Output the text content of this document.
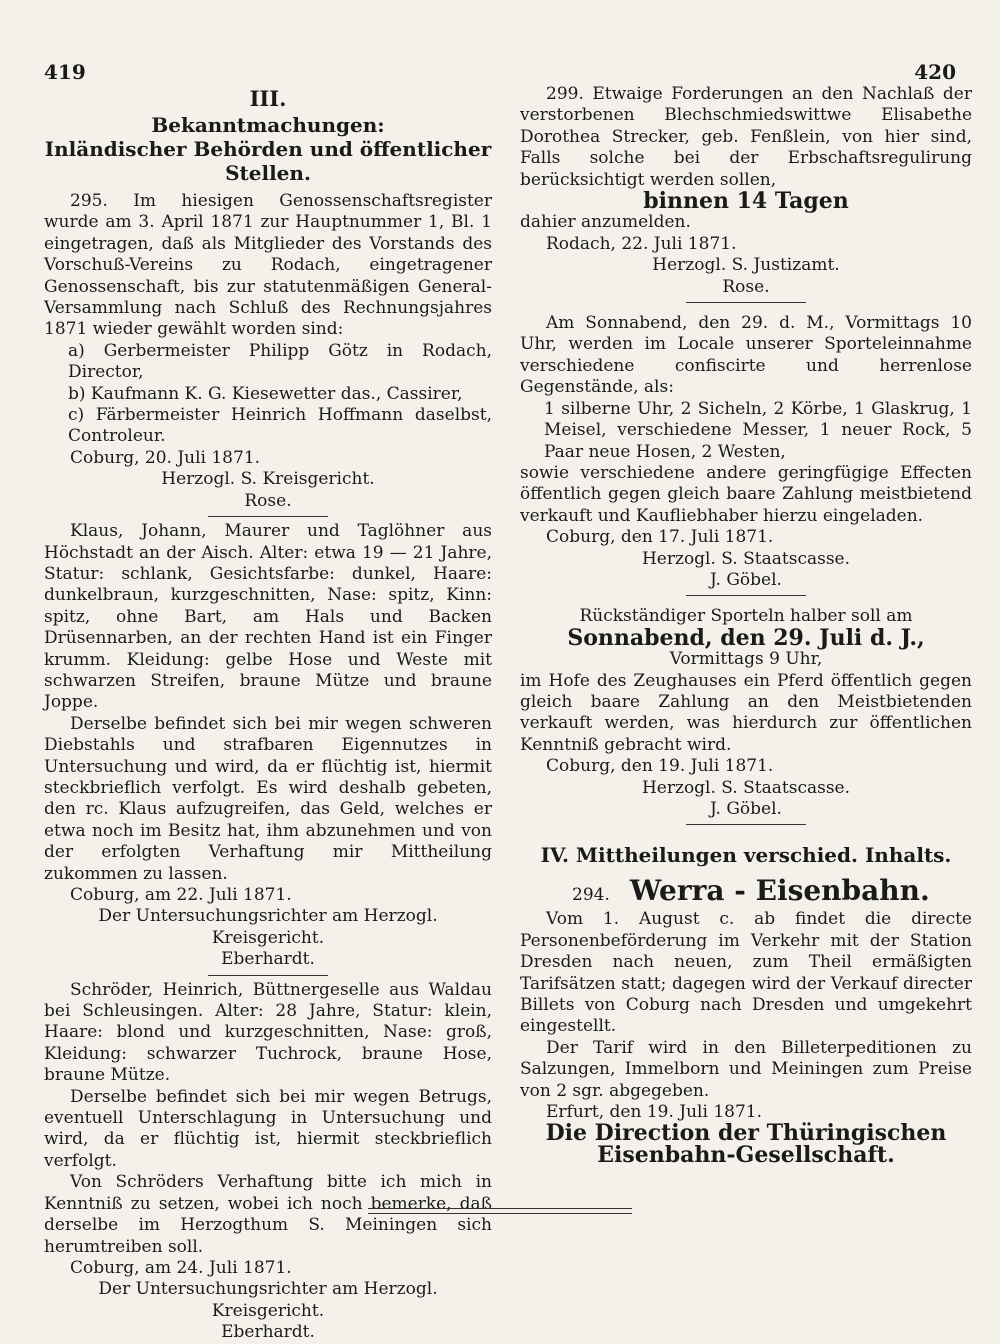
419	420
III.
Bekanntmachungen:
Inländischer Behörden und öffentlicher Stellen.

295. Im hiesigen Genossenschaftsregister wurde am 3. April 1871 zur Hauptnummer 1, Bl. 1 eingetragen, daß als Mitglieder des Vorstands des Vorschuß-Vereins zu Rodach, eingetragener Genossenschaft, bis zur statutenmäßigen General-Versammlung nach Schluß des Rechnungsjahres 1871 wieder gewählt worden sind:

a) Gerbermeister Philipp Götz in Rodach, Director,

b) Kaufmann K. G. Kiesewetter das., Cassirer,

c) Färbermeister Heinrich Hoffmann daselbst, Controleur.

Coburg, 20. Juli 1871.

Herzogl. S. Kreisgericht.

Rose.

Klaus, Johann, Maurer und Taglöhner aus Höchstadt an der Aisch. Alter: etwa 19 — 21 Jahre, Statur: schlank, Gesichtsfarbe: dunkel, Haare: dunkelbraun, kurzgeschnitten, Nase: spitz, Kinn: spitz, ohne Bart, am Hals und Backen Drüsennarben, an der rechten Hand ist ein Finger krumm. Kleidung: gelbe Hose und Weste mit schwarzen Streifen, braune Mütze und braune Joppe.

Derselbe befindet sich bei mir wegen schweren Diebstahls und strafbaren Eigennutzes in Untersuchung und wird, da er flüchtig ist, hiermit steckbrieflich verfolgt. Es wird deshalb gebeten, den rc. Klaus aufzugreifen, das Geld, welches er etwa noch im Besitz hat, ihm abzunehmen und von der erfolgten Verhaftung mir Mittheilung zukommen zu lassen.

Coburg, am 22. Juli 1871.

Der Untersuchungsrichter am Herzogl. Kreisgericht.

Eberhardt.

Schröder, Heinrich, Büttnergeselle aus Waldau bei Schleusingen. Alter: 28 Jahre, Statur: klein, Haare: blond und kurzgeschnitten, Nase: groß, Kleidung: schwarzer Tuchrock, braune Hose, braune Mütze.

Derselbe befindet sich bei mir wegen Betrugs, eventuell Unterschlagung in Untersuchung und wird, da er flüchtig ist, hiermit steckbrieflich verfolgt.

Von Schröders Verhaftung bitte ich mich in Kenntniß zu setzen, wobei ich noch bemerke, daß derselbe im Herzogthum S. Meiningen sich herumtreiben soll.

Coburg, am 24. Juli 1871.

Der Untersuchungsrichter am Herzogl. Kreisgericht.

Eberhardt.

299. Etwaige Forderungen an den Nachlaß der verstorbenen Blechschmiedswittwe Elisabethe Dorothea Strecker, geb. Fenßlein, von hier sind, Falls solche bei der Erbschaftsregulirung berücksichtigt werden sollen,

binnen 14 Tagen

dahier anzumelden.

Rodach, 22. Juli 1871.

Herzogl. S. Justizamt.

Rose.

Am Sonnabend, den 29. d. M., Vormittags 10 Uhr, werden im Locale unserer Sporteleinnahme verschiedene confiscirte und herrenlose Gegenstände, als:

1 silberne Uhr, 2 Sicheln, 2 Körbe, 1 Glaskrug, 1 Meisel, verschiedene Messer, 1 neuer Rock, 5 Paar neue Hosen, 2 Westen,

sowie verschiedene andere geringfügige Effecten öffentlich gegen gleich baare Zahlung meistbietend verkauft und Kaufliebhaber hierzu eingeladen.

Coburg, den 17. Juli 1871.

Herzogl. S. Staatscasse.

J. Göbel.

Rückständiger Sporteln halber soll am

Sonnabend, den 29. Juli d. J.,

Vormittags 9 Uhr,

im Hofe des Zeughauses ein Pferd öffentlich gegen gleich baare Zahlung an den Meistbietenden verkauft werden, was hierdurch zur öffentlichen Kenntniß gebracht wird.

Coburg, den 19. Juli 1871.

Herzogl. S. Staatscasse.

J. Göbel.

IV. Mittheilungen verschied. Inhalts.

294. Werra - Eisenbahn.

Vom 1. August c. ab findet die directe Personenbeförderung im Verkehr mit der Station Dresden nach neuen, zum Theil ermäßigten Tarifsätzen statt; dagegen wird der Verkauf directer Billets von Coburg nach Dresden und umgekehrt eingestellt.

Der Tarif wird in den Billeterpeditionen zu Salzungen, Immelborn und Meiningen zum Preise von 2 sgr. abgegeben.

Erfurt, den 19. Juli 1871.

Die Direction der Thüringischen

Eisenbahn-Gesellschaft.
